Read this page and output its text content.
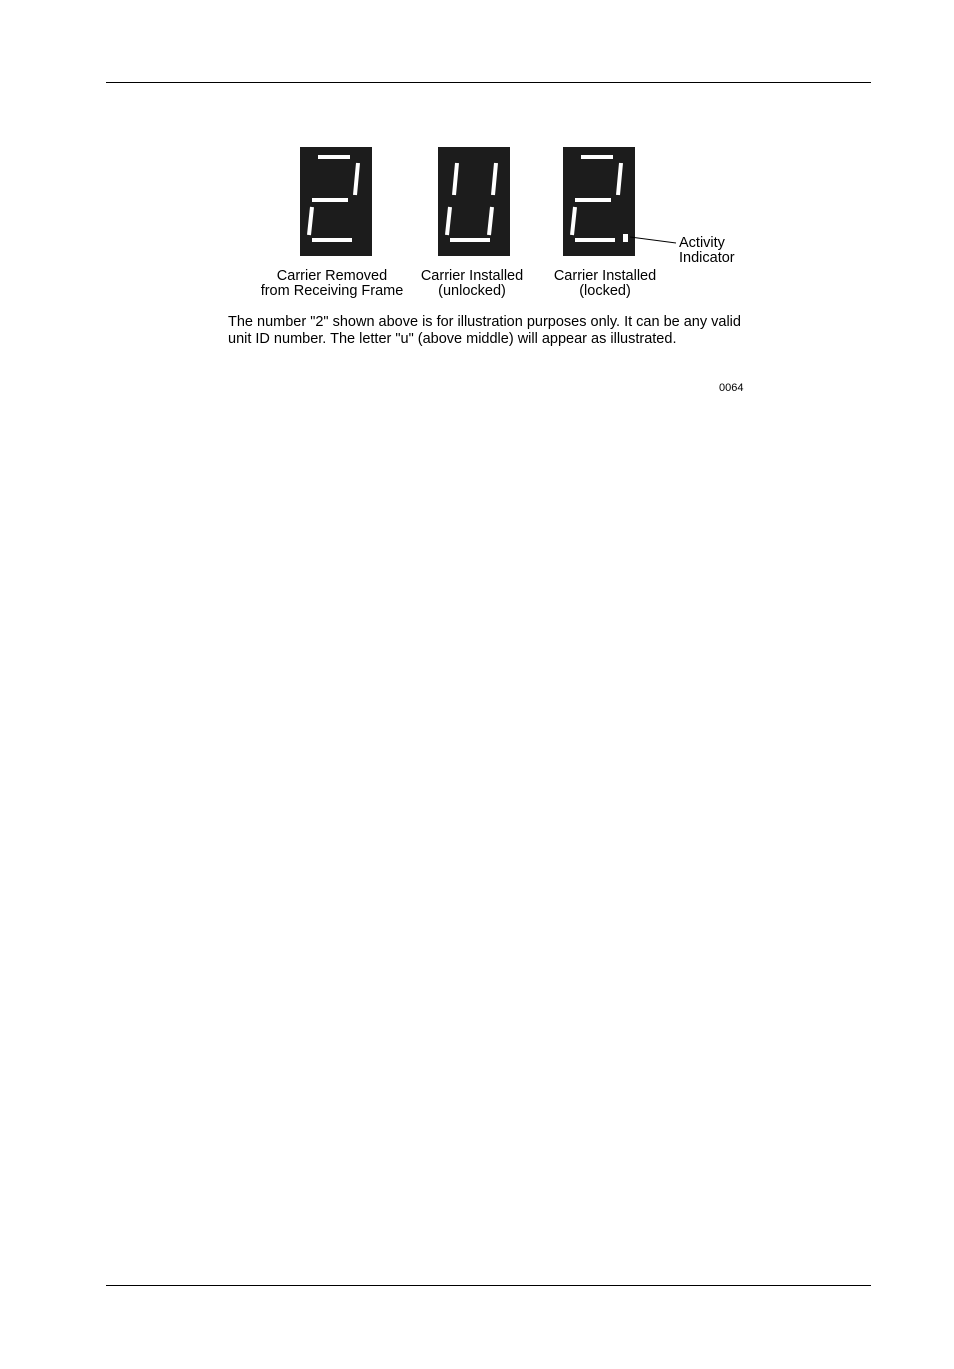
Carrier Removed
from Receiving Frame
Carrier Installed
(unlocked)
Carrier Installed
(locked)
Activity
Indicator
The number "2" shown above is for illustration purposes only. It can be any valid
unit ID number. The letter "u" (above middle) will appear as illustrated.
0064
